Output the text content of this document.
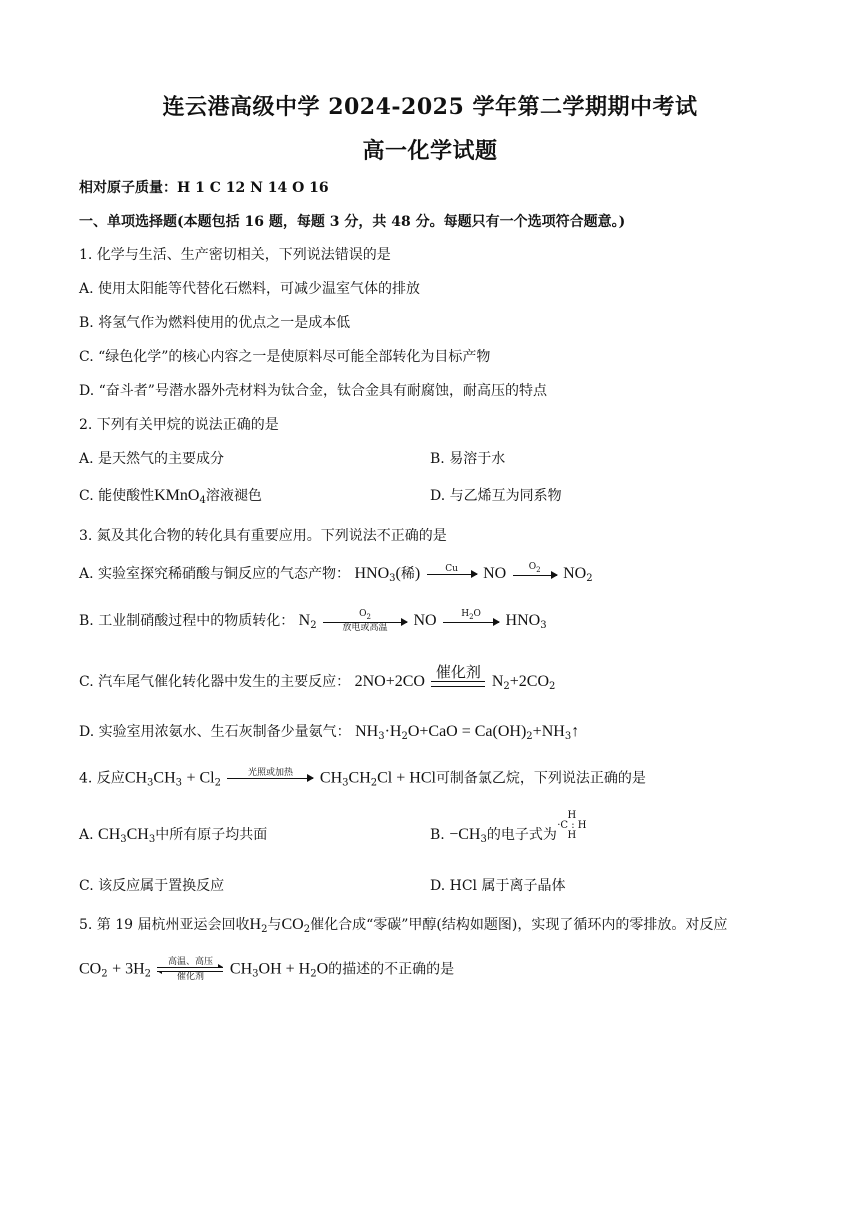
连云港高级中学 2024-2025 学年第二学期期中考试
高一化学试题
相对原子质量：H 1 C 12 N 14 O 16
一、单项选择题(本题包括 16 题，每题 3 分，共 48 分。每题只有一个选项符合题意。)
1. 化学与生活、生产密切相关，下列说法错误的是
A. 使用太阳能等代替化石燃料，可减少温室气体的排放
B. 将氢气作为燃料使用的优点之一是成本低
C. “绿色化学”的核心内容之一是使原料尽可能全部转化为目标产物
D. “奋斗者”号潜水器外壳材料为钛合金，钛合金具有耐腐蚀，耐高压的特点
2. 下列有关甲烷的说法正确的是
A. 是天然气的主要成分	B. 易溶于水
C. 能使酸性KMnO$_4$溶液褪色	D. 与乙烯互为同系物
3. 氮及其化合物的转化具有重要应用。下列说法不正确的是
A. 实验室探究稀硝酸与铜反应的气态产物： $HNO_3$(稀)	Cu
	NO	$O_2$
	$NO_2$
B. 工业制硝酸过程中的物质转化： $N_2$
$O_2$
放电或高温	NO	$H_2O$
	$HNO_3$
C. 汽车尾气催化转化器中发生的主要反应： 2NO+2CO
催化剂
$N_2+2CO_2$
D. 实验室用浓氨水、生石灰制备少量氨气： $NH_3\cdot H_2O+CaO$ = $Ca(OH)_2+NH_3↑$
4. 反应$CH_3CH_3 + Cl_2$
光照或加热
	$CH_3CH_2Cl$ + HCl可制备氯乙烷，下列说法正确的是
A. $CH_3CH_3$中所有原子均共面	B. $-CH_3$的电子式为
H
·C : H
H
C. 该反应属于置换反应	D. HCl 属于离子晶体
5. 第 19 届杭州亚运会回收$H_2$与$CO_2$催化合成“零碳”甲醇(结构如题图)，实现了循环内的零排放。对反应
$CO_2 + 3H_2$
高温、高压
催化剂	$CH_3OH + H_2O$的描述的不正确的是
